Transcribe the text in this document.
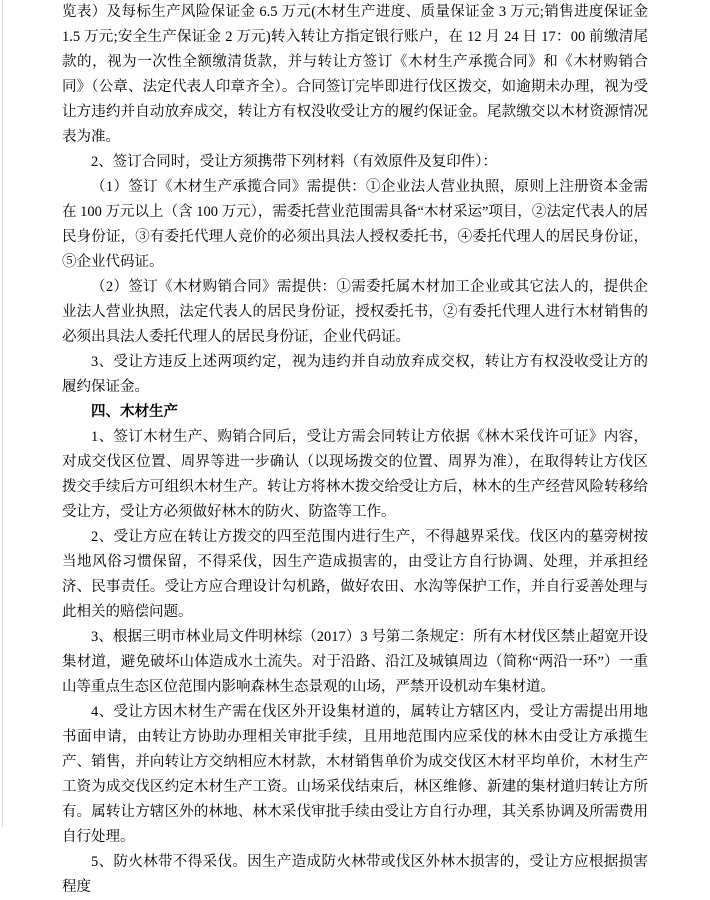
览表）及每标生产风险保证金 6.5 万元(木材生产进度、质量保证金 3 万元;销售进度保证金 1.5 万元;安全生产保证金 2 万元)转入转让方指定银行账户，在 12 月 24 日 17：00 前缴清尾款的，视为一次性全额缴清货款，并与转让方签订《木材生产承揽合同》和《木材购销合同》（公章、法定代表人印章齐全）。合同签订完毕即进行伐区拨交，如逾期未办理，视为受让方违约并自动放弃成交，转让方有权没收受让方的履约保证金。尾款缴交以木材资源情况表为准。

2、签订合同时，受让方须携带下列材料（有效原件及复印件）：

（1）签订《木材生产承揽合同》需提供：①企业法人营业执照，原则上注册资本金需在 100 万元以上（含 100 万元），需委托营业范围需具备“木材采运”项目，②法定代表人的居民身份证，③有委托代理人竞价的必须出具法人授权委托书，④委托代理人的居民身份证，⑤企业代码证。

（2）签订《木材购销合同》需提供：①需委托属木材加工企业或其它法人的，提供企业法人营业执照，法定代表人的居民身份证，授权委托书，②有委托代理人进行木材销售的必须出具法人委托代理人的居民身份证，企业代码证。

3、受让方违反上述两项约定，视为违约并自动放弃成交权，转让方有权没收受让方的履约保证金。

四、木材生产

1、签订木材生产、购销合同后，受让方需会同转让方依据《林木采伐许可证》内容，对成交伐区位置、周界等进一步确认（以现场拨交的位置、周界为准），在取得转让方伐区拨交手续后方可组织木材生产。转让方将林木拨交给受让方后，林木的生产经营风险转移给受让方，受让方必须做好林木的防火、防盗等工作。

2、受让方应在转让方拨交的四至范围内进行生产，不得越界采伐。伐区内的墓旁树按当地风俗习惯保留，不得采伐，因生产造成损害的，由受让方自行协调、处理，并承担经济、民事责任。受让方应合理设计勾机路，做好农田、水沟等保护工作，并自行妥善处理与此相关的赔偿问题。

3、根据三明市林业局文件明林综（2017）3 号第二条规定：所有木材伐区禁止超宽开设集材道，避免破坏山体造成水土流失。对于沿路、沿江及城镇周边（简称“两沿一环”）一重山等重点生态区位范围内影响森林生态景观的山场，严禁开设机动车集材道。

4、受让方因木材生产需在伐区外开设集材道的，属转让方辖区内，受让方需提出用地书面申请，由转让方协助办理相关审批手续，且用地范围内应采伐的林木由受让方承揽生产、销售，并向转让方交纳相应木材款，木材销售单价为成交伐区木材平均单价，木材生产工资为成交伐区约定木材生产工资。山场采伐结束后，林区维修、新建的集材道归转让方所有。属转让方辖区外的林地、林木采伐审批手续由受让方自行办理，其关系协调及所需费用自行处理。

5、防火林带不得采伐。因生产造成防火林带或伐区外林木损害的，受让方应根据损害程度
